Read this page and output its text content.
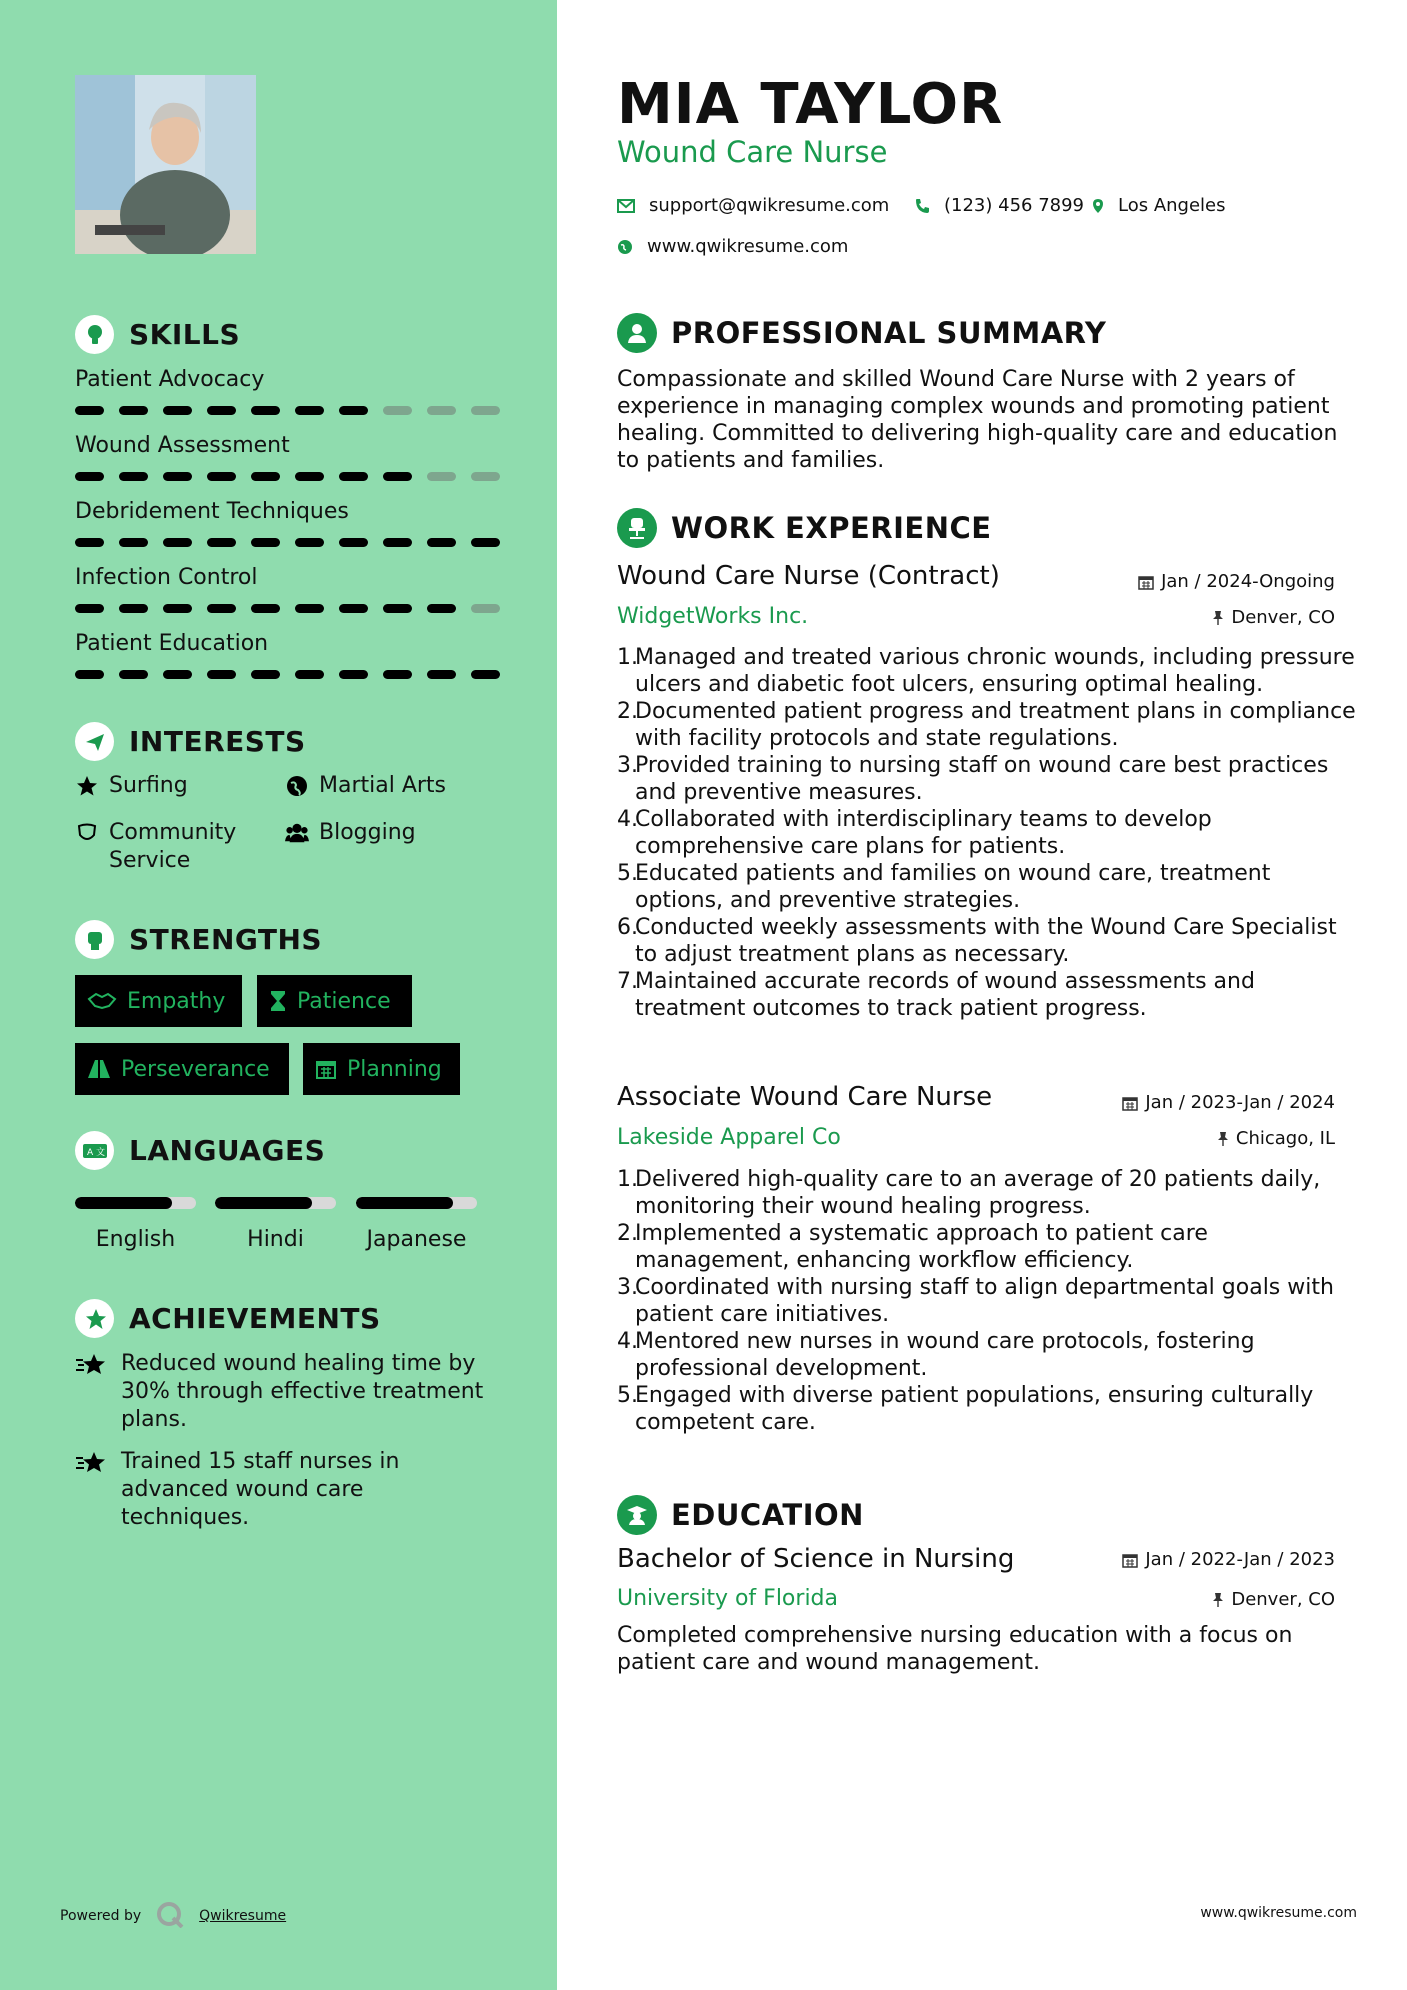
SKILLS
Patient Advocacy
Wound Assessment
Debridement Techniques
Infection Control
Patient Education
INTERESTS
Surfing	Martial Arts
Community Service
Blogging
STRENGTHS
Empathy	Patience
Perseverance	Planning
A 文 LANGUAGES
English	Hindi	Japanese
ACHIEVEMENTS
Reduced wound healing time by 30% through effective treatment plans.
Trained 15 staff nurses in advanced wound care techniques.
Powered by	Qwikresume
MIA TAYLOR
Wound Care Nurse
support@qwikresume.com	(123) 456 7899 Los Angeles
www.qwikresume.com
PROFESSIONAL SUMMARY
Compassionate and skilled Wound Care Nurse with 2 years of experience in managing complex wounds and promoting patient healing. Committed to delivering high-quality care and education to patients and families.
WORK EXPERIENCE
Wound Care Nurse (Contract)	Jan / 2024-Ongoing
WidgetWorks Inc.	Denver, CO
1.
Managed and treated various chronic wounds, including pressure ulcers and diabetic foot ulcers, ensuring optimal healing.
2.
Documented patient progress and treatment plans in compliance with facility protocols and state regulations.
3.
Provided training to nursing staff on wound care best practices and preventive measures.
4.
Collaborated with interdisciplinary teams to develop comprehensive care plans for patients.
5.
Educated patients and families on wound care, treatment options, and preventive strategies.
6.
Conducted weekly assessments with the Wound Care Specialist to adjust treatment plans as necessary.
7.
Maintained accurate records of wound assessments and treatment outcomes to track patient progress.
Associate Wound Care Nurse	Jan / 2023-Jan / 2024
Lakeside Apparel Co	Chicago, IL
1.
Delivered high-quality care to an average of 20 patients daily, monitoring their wound healing progress.
2.
Implemented a systematic approach to patient care management, enhancing workflow efficiency.
3.
Coordinated with nursing staff to align departmental goals with patient care initiatives.
4.
Mentored new nurses in wound care protocols, fostering professional development.
5.
Engaged with diverse patient populations, ensuring culturally competent care.
EDUCATION
Bachelor of Science in Nursing	Jan / 2022-Jan / 2023
University of Florida	Denver, CO
Completed comprehensive nursing education with a focus on patient care and wound management.
www.qwikresume.com
